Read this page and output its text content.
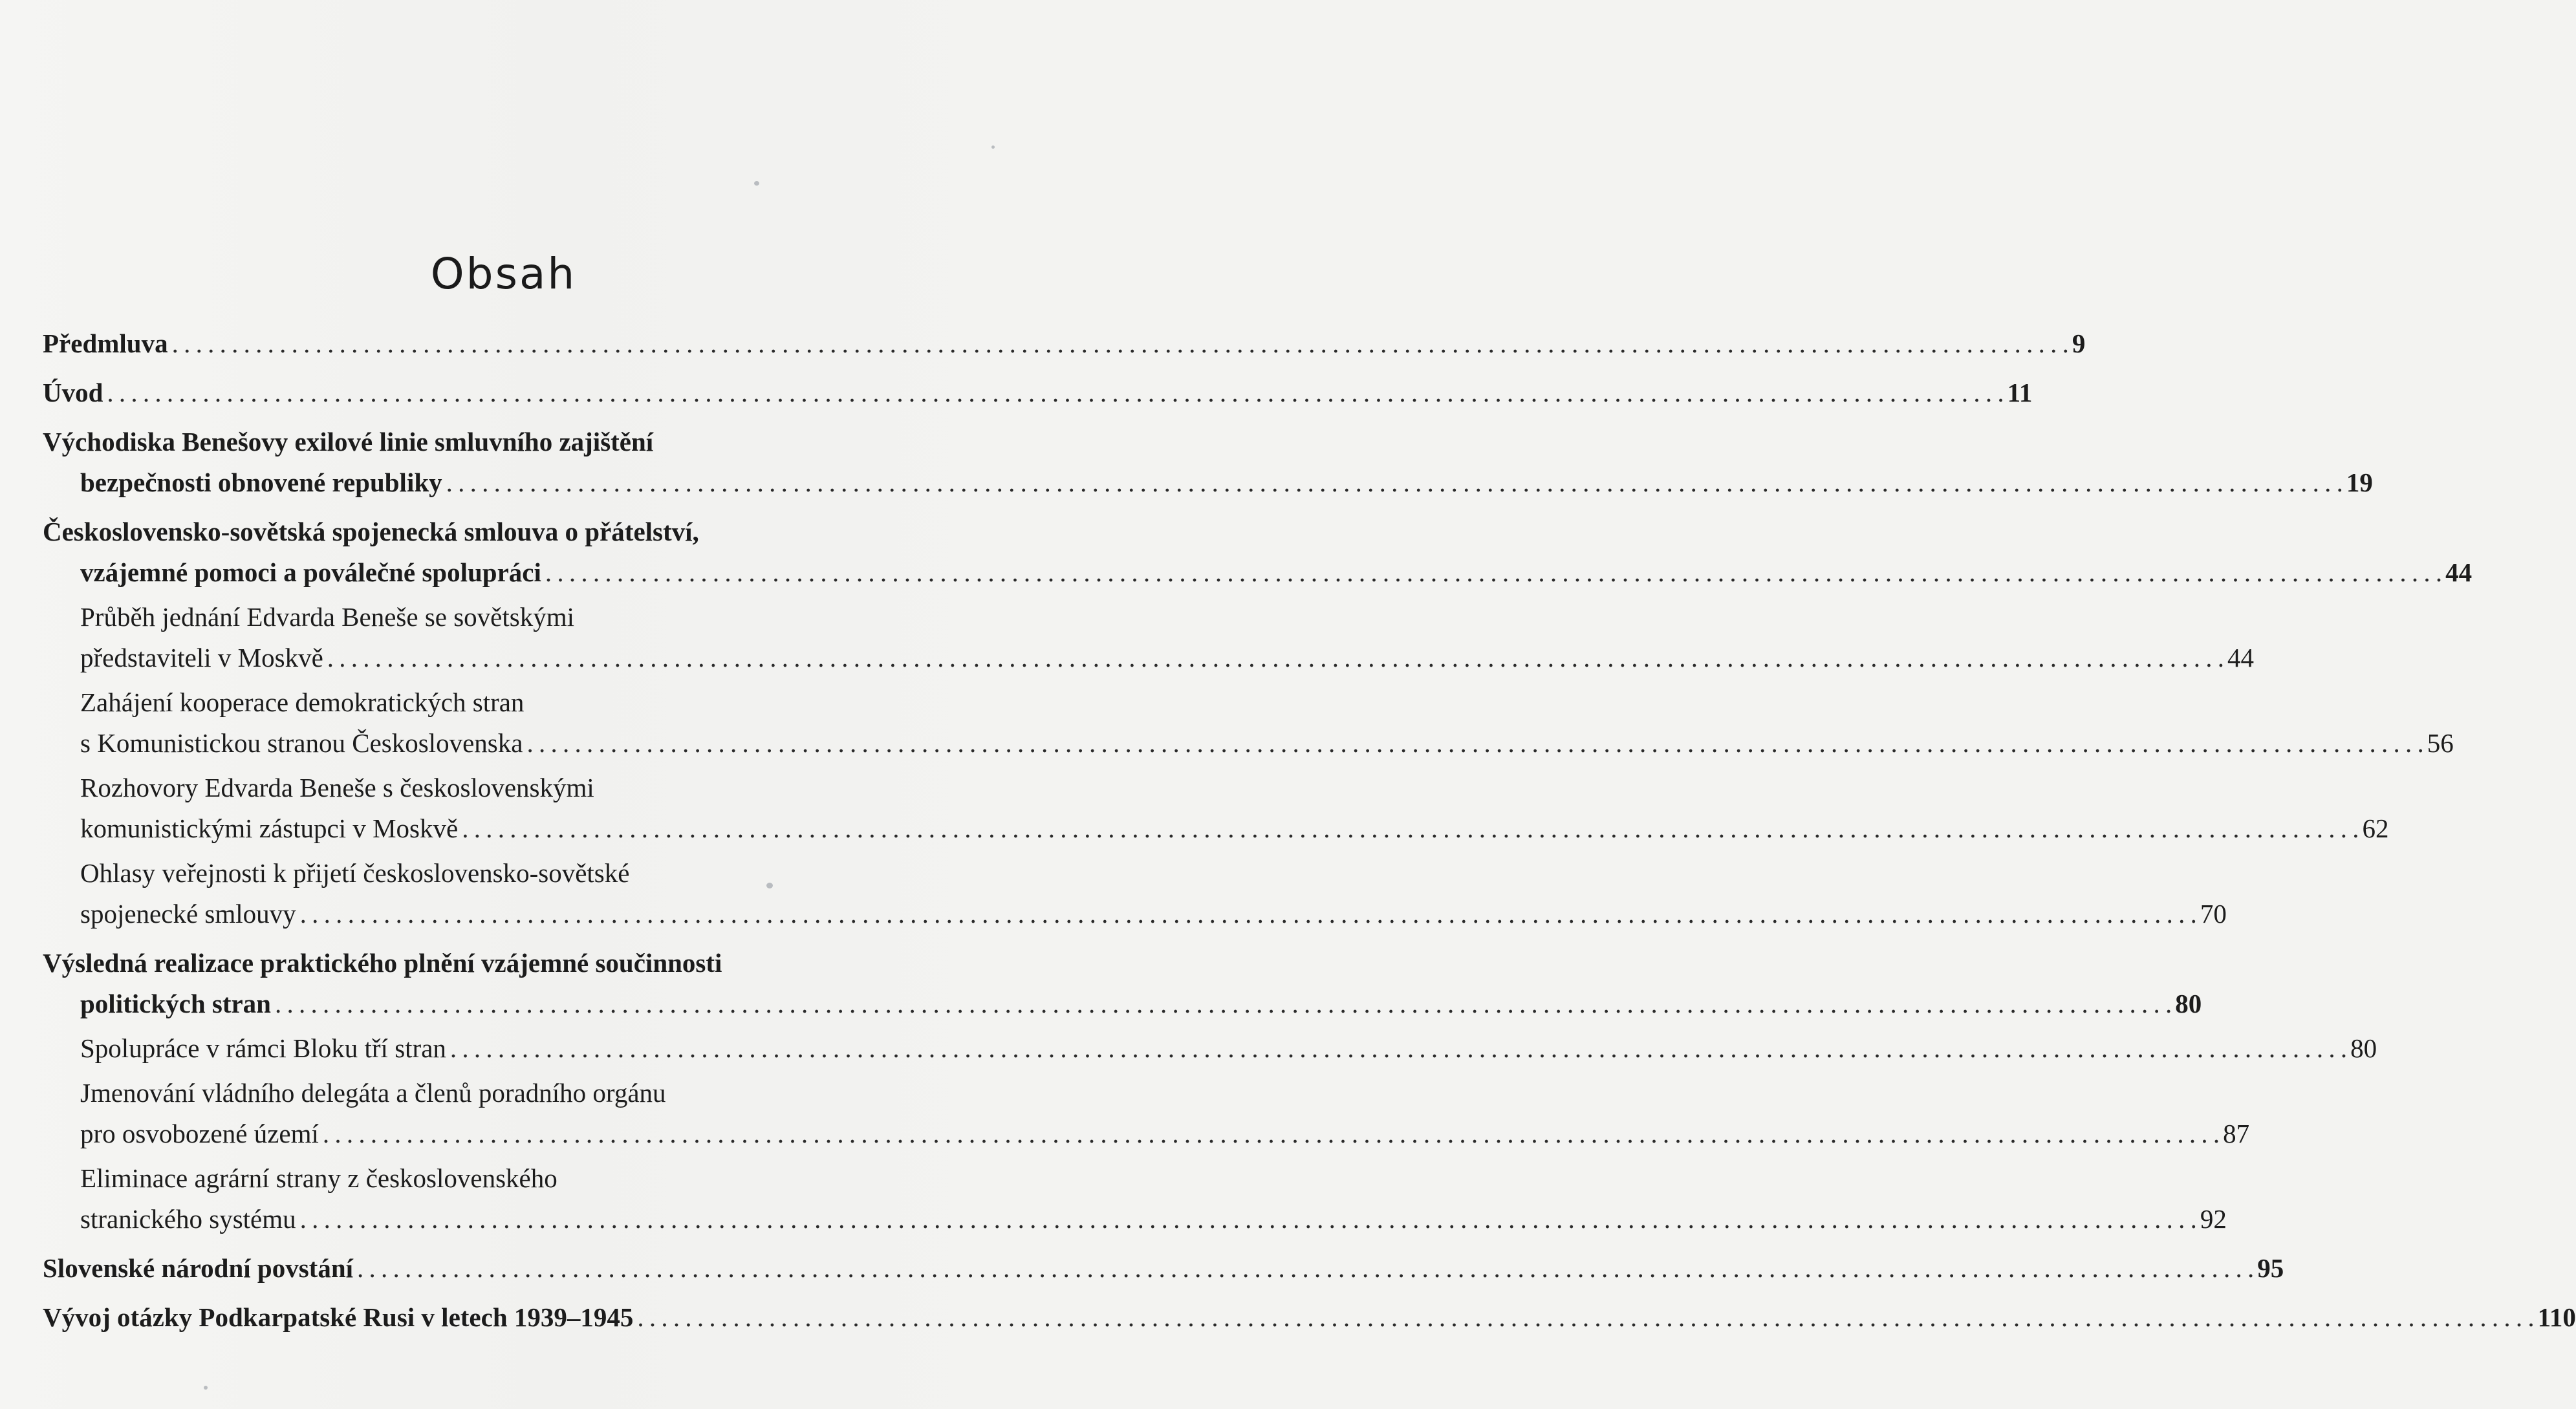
Obsah
Předmluva . . .	9
Úvod . . .	11
Východiska Benešovy exilové linie smluvního zajištění
bezpečnosti obnovené republiky . . .	19
Československo-sovětská spojenecká smlouva o přátelství,
vzájemné pomoci a poválečné spolupráci . . .	44
Průběh jednání Edvarda Beneše se sovětskými
představiteli v Moskvě . . .	44
Zahájení kooperace demokratických stran
s Komunistickou stranou Československa . . .	56
Rozhovory Edvarda Beneše s československými
komunistickými zástupci v Moskvě . . .	62
Ohlasy veřejnosti k přijetí československo-sovětské
spojenecké smlouvy . . .	70
Výsledná realizace praktického plnění vzájemné součinnosti
politických stran . . .	80
Spolupráce v rámci Bloku tří stran . . .	80
Jmenování vládního delegáta a členů poradního orgánu
pro osvobozené území . . .	87
Eliminace agrární strany z československého
stranického systému . . .	92
Slovenské národní povstání . . .	95
Vývoj otázky Podkarpatské Rusi v letech 1939–1945 . . .	110
